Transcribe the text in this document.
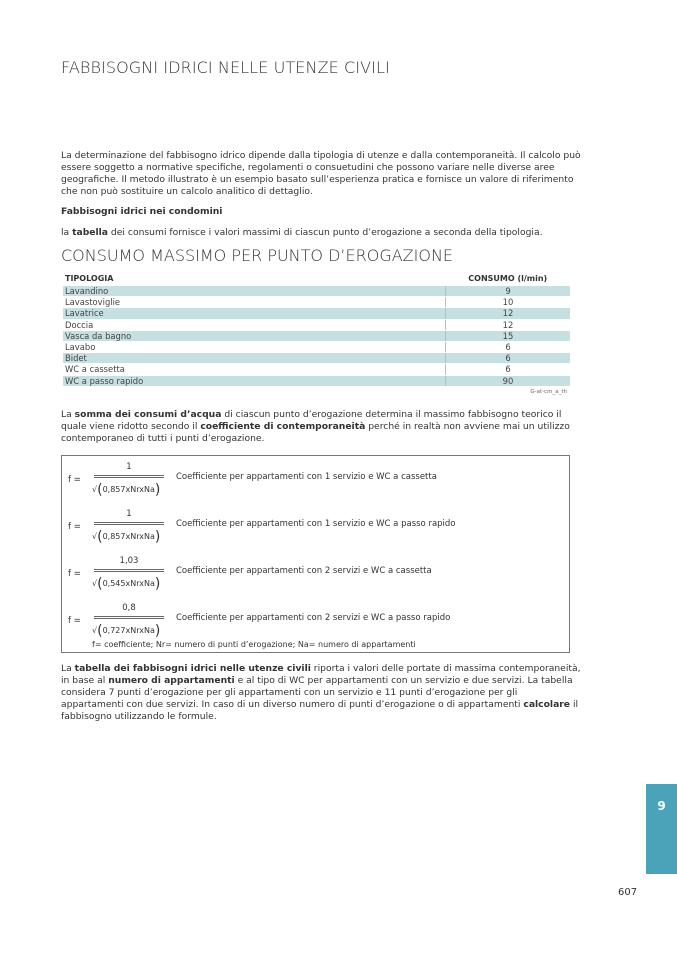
FABBISOGNI IDRICI NELLE UTENZE CIVILI
La determinazione del fabbisogno idrico dipende dalla tipologia di utenze e dalla contemporaneità. Il calcolo può essere soggetto a normative specifiche, regolamenti o consuetudini che possono variare nelle diverse aree geografiche. Il metodo illustrato è un esempio basato sull’esperienza pratica e fornisce un valore di riferimento che non può sostituire un calcolo analitico di dettaglio.
Fabbisogni idrici nei condomini
la tabella dei consumi fornisce i valori massimi di ciascun punto d’erogazione a seconda della tipologia.
CONSUMO MASSIMO PER PUNTO D’EROGAZIONE
TIPOLOGIA	CONSUMO (l/min)
Lavandino	9
Lavastoviglie	10
Lavatrice	12
Doccia	12
Vasca da bagno	15
Lavabo	6
Bidet	6
WC a cassetta	6
WC a passo rapido	90
G-at-cm_a_th
La somma dei consumi d’acqua di ciascun punto d’erogazione determina il massimo fabbisogno teorico il quale viene ridotto secondo il coefficiente di contemporaneità perché in realtà non avviene mai un utilizzo contemporaneo di tutti i punti d’erogazione.
f =
1
√(0,857xNrxNa)
Coefficiente per appartamenti con 1 servizio e WC a cassetta
f =
1
√(0,857xNrxNa)
Coefficiente per appartamenti con 1 servizio e WC a passo rapido
f =
1,03
√(0,545xNrxNa)
Coefficiente per appartamenti con 2 servizi e WC a cassetta
f =
0,8
√(0,727xNrxNa)
Coefficiente per appartamenti con 2 servizi e WC a passo rapido
f= coefficiente; Nr= numero di punti d’erogazione; Na= numero di appartamenti
La tabella dei fabbisogni idrici nelle utenze civili riporta i valori delle portate di massima contemporaneità, in base al numero di appartamenti e al tipo di WC per appartamenti con un servizio e due servizi. La tabella considera 7 punti d’erogazione per gli appartamenti con un servizio e 11 punti d’erogazione per gli appartamenti con due servizi. In caso di un diverso numero di punti d’erogazione o di appartamenti calcolare il fabbisogno utilizzando le formule.
9
607
